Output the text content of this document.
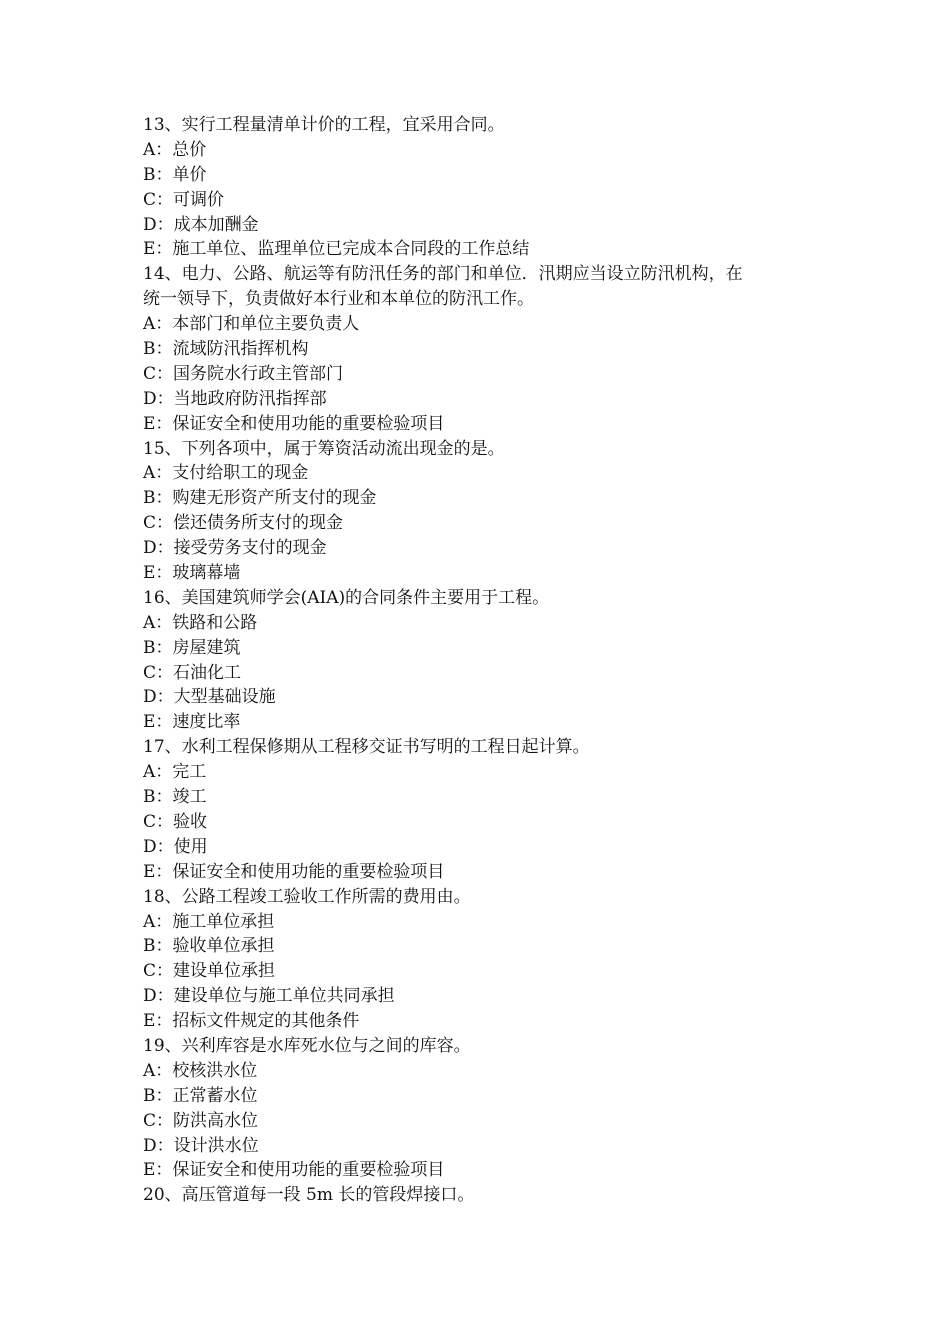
13、实行工程量清单计价的工程，宜采用合同。
A：总价
B：单价
C：可调价
D：成本加酬金
E：施工单位、监理单位已完成本合同段的工作总结
14、电力、公路、航运等有防汛任务的部门和单位．汛期应当设立防汛机构，在
统一领导下，负责做好本行业和本单位的防汛工作。
A：本部门和单位主要负责人
B：流域防汛指挥机构
C：国务院水行政主管部门
D：当地政府防汛指挥部
E：保证安全和使用功能的重要检验项目
15、下列各项中，属于筹资活动流出现金的是。
A：支付给职工的现金
B：购建无形资产所支付的现金
C：偿还债务所支付的现金
D：接受劳务支付的现金
E：玻璃幕墙
16、美国建筑师学会(AIA)的合同条件主要用于工程。
A：铁路和公路
B：房屋建筑
C：石油化工
D：大型基础设施
E：速度比率
17、水利工程保修期从工程移交证书写明的工程日起计算。
A：完工
B：竣工
C：验收
D：使用
E：保证安全和使用功能的重要检验项目
18、公路工程竣工验收工作所需的费用由。
A：施工单位承担
B：验收单位承担
C：建设单位承担
D：建设单位与施工单位共同承担
E：招标文件规定的其他条件
19、兴利库容是水库死水位与之间的库容。
A：校核洪水位
B：正常蓄水位
C：防洪高水位
D：设计洪水位
E：保证安全和使用功能的重要检验项目
20、高压管道每一段 5m 长的管段焊接口。
